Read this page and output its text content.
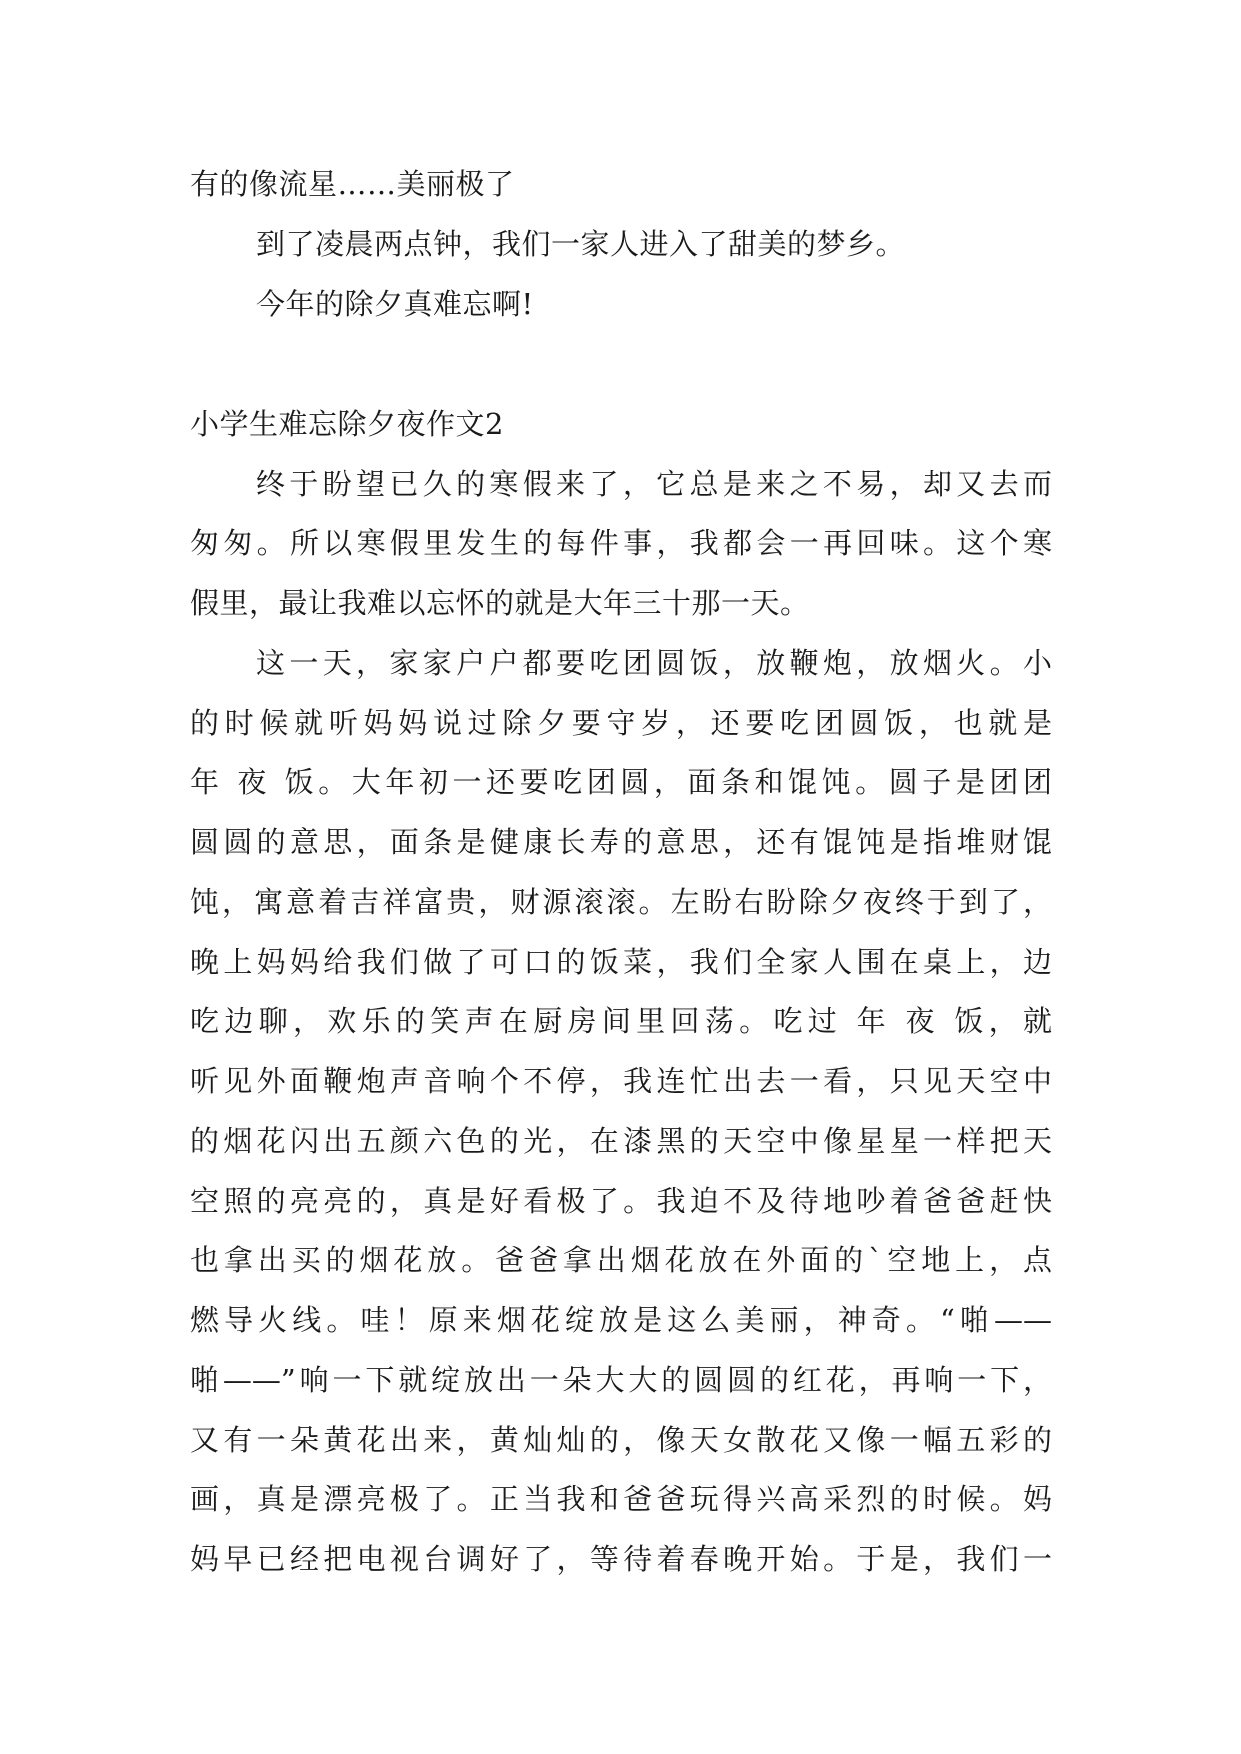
有的像流星……美丽极了
到了凌晨两点钟，我们一家人进入了甜美的梦乡。
今年的除夕真难忘啊!
小学生难忘除夕夜作文2
终于盼望已久的寒假来了，它总是来之不易，却又去而
匆匆。所以寒假里发生的每件事，我都会一再回味。这个寒
假里，最让我难以忘怀的就是大年三十那一天。
这一天，家家户户都要吃团圆饭，放鞭炮，放烟火。小
的时候就听妈妈说过除夕要守岁，还要吃团圆饭，也就是
年 夜 饭。大年初一还要吃团圆，面条和馄饨。圆子是团团
圆圆的意思，面条是健康长寿的意思，还有馄饨是指堆财馄
饨，寓意着吉祥富贵，财源滚滚。左盼右盼除夕夜终于到了，
晚上妈妈给我们做了可口的饭菜，我们全家人围在桌上，边
吃边聊，欢乐的笑声在厨房间里回荡。吃过 年 夜 饭，就
听见外面鞭炮声音响个不停，我连忙出去一看，只见天空中
的烟花闪出五颜六色的光，在漆黑的天空中像星星一样把天
空照的亮亮的，真是好看极了。我迫不及待地吵着爸爸赶快
也拿出买的烟花放。爸爸拿出烟花放在外面的`空地上，点
燃导火线。哇！原来烟花绽放是这么美丽，神奇。“啪——
啪——”响一下就绽放出一朵大大的圆圆的红花，再响一下，
又有一朵黄花出来，黄灿灿的，像天女散花又像一幅五彩的
画，真是漂亮极了。正当我和爸爸玩得兴高采烈的时候。妈
妈早已经把电视台调好了，等待着春晚开始。于是，我们一
